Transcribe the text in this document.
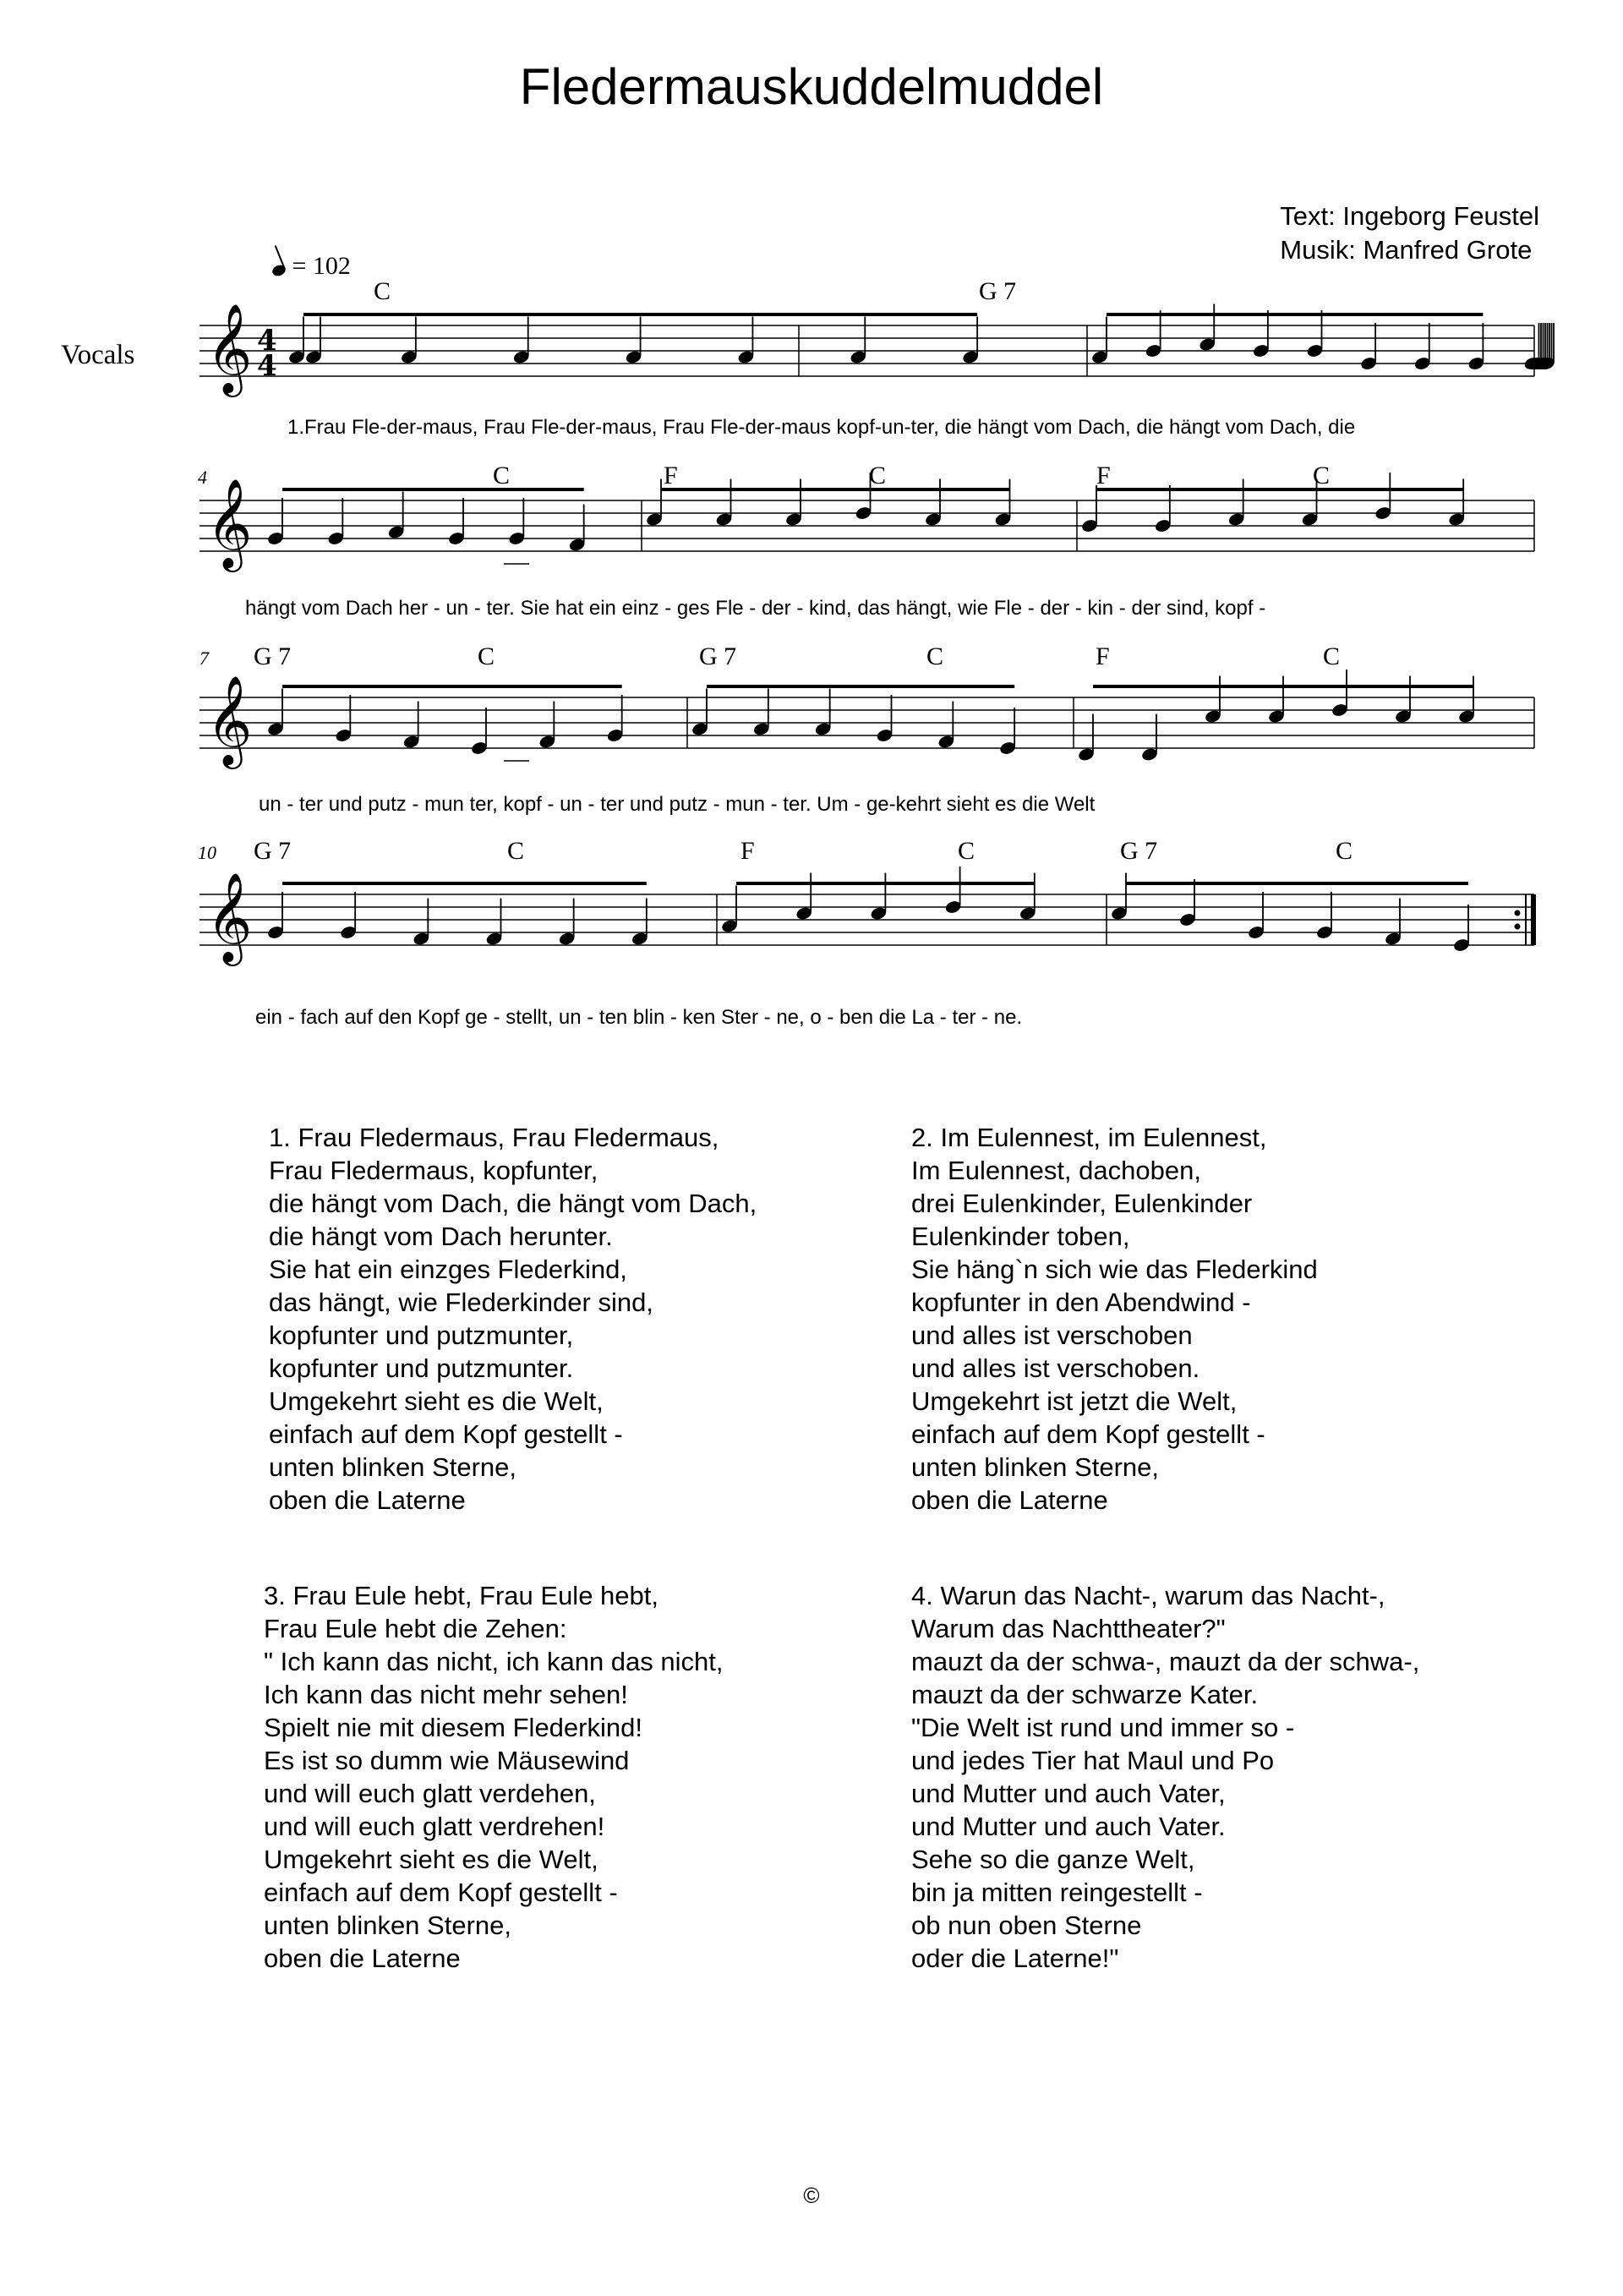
Fledermauskuddelmuddel
Text: Ingeborg Feustel
Musik: Manfred Grote
= 102
Vocals 𝄞 4
4
𝄞
𝄞
𝄞
C	G 7
1.Frau Fle-der-maus, Frau Fle-der-maus, Frau Fle-der-maus kopf-un-ter, die hängt vom Dach, die hängt vom Dach, die
4	C	F	C	F	C
hängt vom Dach her - un - ter. Sie hat ein einz - ges Fle - der - kind, das hängt, wie Fle - der - kin - der sind, kopf -
7 G 7	C	G 7	C	F	C
un - ter und putz - mun ter, kopf - un - ter und putz - mun - ter. Um - ge-kehrt sieht es die Welt
10 G 7	C	F	C	G 7	C
ein - fach auf den Kopf ge - stellt, un - ten blin - ken Ster - ne, o - ben die La - ter - ne.
1. Frau Fledermaus, Frau Fledermaus,
Frau Fledermaus, kopfunter,
die hängt vom Dach, die hängt vom Dach,
die hängt vom Dach herunter.
Sie hat ein einzges Flederkind,
das hängt, wie Flederkinder sind,
kopfunter und putzmunter,
kopfunter und putzmunter.
Umgekehrt sieht es die Welt,
einfach auf dem Kopf gestellt -
unten blinken Sterne,
oben die Laterne
2. Im Eulennest, im Eulennest,
Im Eulennest, dachoben,
drei Eulenkinder, Eulenkinder
Eulenkinder toben,
Sie häng`n sich wie das Flederkind
kopfunter in den Abendwind -
und alles ist verschoben
und alles ist verschoben.
Umgekehrt ist jetzt die Welt,
einfach auf dem Kopf gestellt -
unten blinken Sterne,
oben die Laterne
3. Frau Eule hebt, Frau Eule hebt,
Frau Eule hebt die Zehen:
" Ich kann das nicht, ich kann das nicht,
Ich kann das nicht mehr sehen!
Spielt nie mit diesem Flederkind!
Es ist so dumm wie Mäusewind
und will euch glatt verdehen,
und will euch glatt verdrehen!
Umgekehrt sieht es die Welt,
einfach auf dem Kopf gestellt -
unten blinken Sterne,
oben die Laterne
4. Warun das Nacht-, warum das Nacht-,
Warum das Nachttheater?"
mauzt da der schwa-, mauzt da der schwa-,
mauzt da der schwarze Kater.
"Die Welt ist rund und immer so -
und jedes Tier hat Maul und Po
und Mutter und auch Vater,
und Mutter und auch Vater.
Sehe so die ganze Welt,
bin ja mitten reingestellt -
ob nun oben Sterne
oder die Laterne!"
©
